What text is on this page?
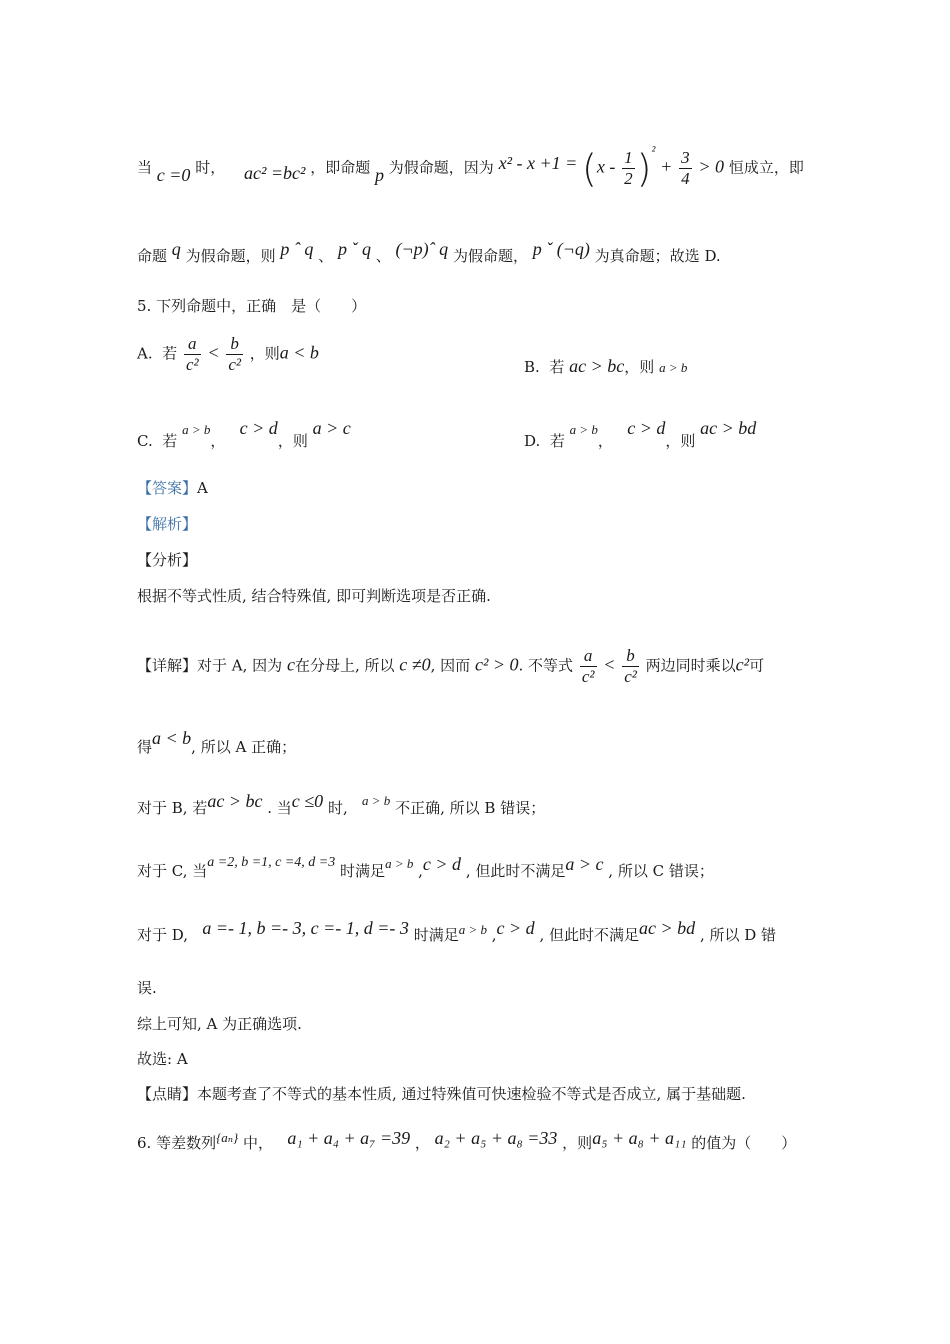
当 c =0 时， ac² =bc² ，即命题 p 为假命题，因为 $x^2 - x +1 = (x - \frac{1}{2} )^2 + \frac{3}{4} > 0$ 恒成立，即
命题 q 为假命题，则 p ˆ q 、 p ˇ q 、 (¬p)ˆ q 为假命题， p ˇ (¬q) 为真命题；故选 D.
5. 下列命题中，正确　是（　　）
A. 若 $\frac{a}{\text{c²}} < \frac{b}{\text{c²}}$ ，则a < b
B. 若 ac > bc，则 a > b
C. 若 a > b，   c > d，则 a > c
D. 若 a > b，   c > d，则 ac > bd
【答案】A
【解析】
【分析】
根据不等式性质, 结合特殊值, 即可判断选项是否正确.
【详解】对于 A, 因为 c在分母上, 所以 c ≠0, 因而 c² > 0. 不等式 $\frac{a}{\text{c²}} < \frac{b}{\text{c²}}$ 两边同时乘以c²可
得a < b, 所以 A 正确；
对于 B, 若ac > bc . 当c ≤0 时, a > b 不正确, 所以 B 错误；
对于 C, 当a =2, b =1, c =4, d =3 时满足a > b ,c > d , 但此时不满足a > c , 所以 C 错误；
对于 D, a =- 1, b =- 3, c =- 1, d =- 3 时满足a > b ,c > d , 但此时不满足ac > bd , 所以 D 错
误.
综上可知, A 为正确选项.
故选: A
【点睛】本题考查了不等式的基本性质, 通过特殊值可快速检验不等式是否成立, 属于基础题.
6. 等差数列{aₙ} 中， a₁ + a₄ + a₇ =39 ， a₂ + a₅ + a₈ =33 ，则a₅ + a₈ + a₁₁ 的值为（　　）
